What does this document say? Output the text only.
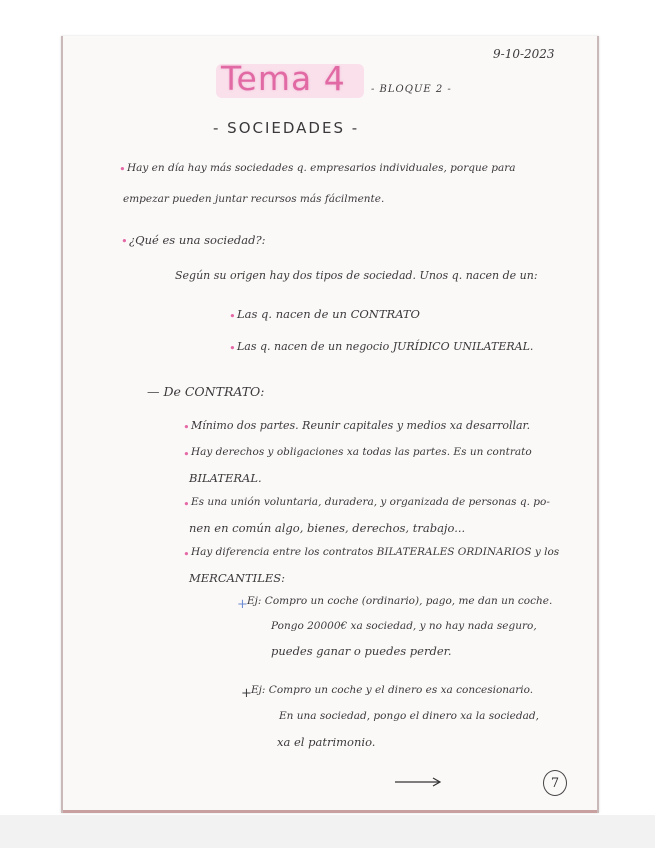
9-10-2023
Tema 4	- BLOQUE 2 -
- SOCIEDADES -
• Hay en día hay más sociedades q. empresarios individuales, porque para
empezar pueden juntar recursos más fácilmente.
• ¿Qué es una sociedad?:
Según su origen hay dos tipos de sociedad. Unos q. nacen de un:
• Las q. nacen de un CONTRATO
• Las q. nacen de un negocio JURÍDICO UNILATERAL.
— De CONTRATO:
• Mínimo dos partes. Reunir capitales y medios xa desarrollar.
• Hay derechos y obligaciones xa todas las partes. Es un contrato
BILATERAL.
• Es una unión voluntaria, duradera, y organizada de personas q. po-
nen en común algo, bienes, derechos, trabajo...
• Hay diferencia entre los contratos BILATERALES ORDINARIOS y los
MERCANTILES:
+ Ej: Compro un coche (ordinario), pago, me dan un coche.
Pongo 20000€ xa sociedad, y no hay nada seguro,
puedes ganar o puedes perder.
+ Ej: Compro un coche y el dinero es xa concesionario.
En una sociedad, pongo el dinero xa la sociedad,
xa el patrimonio.
7
